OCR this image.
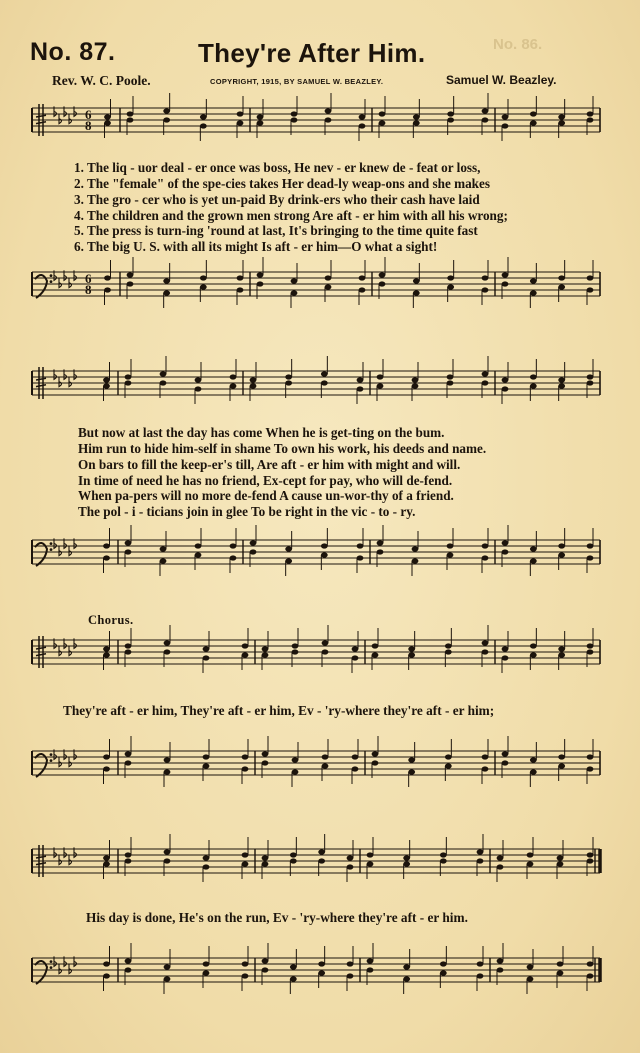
No. 87.	They're After Him.	No. 86.
Rev. W. C. Poole.	COPYRIGHT, 1915, BY SAMUEL W. BEAZLEY.	Samuel W. Beazley.
1. The liq - uor deal - er once was boss, He nev - er knew de - feat or loss,
2. The "female" of the spe-cies takes Her dead-ly weap-ons and she makes
3. The gro - cer who is yet un-paid By drink-ers who their cash have laid
4. The children and the grown men strong Are aft - er him with all his wrong;
5. The press is turn-ing 'round at last, It's bringing to the time quite fast
6. The big U. S. with all its might Is aft - er him—O what a sight!
But now at last the day has come When he is get-ting on the bum.
Him run to hide him-self in shame To own his work, his deeds and name.
On bars to fill the keep-er's till, Are aft - er him with might and will.
In time of need he has no friend, Ex-cept for pay, who will de-fend.
When pa-pers will no more de-fend A cause un-wor-thy of a friend.
The pol - i - ticians join in glee To be right in the vic - to - ry.
Chorus.
They're aft - er him, They're aft - er him, Ev - 'ry-where they're aft - er him;
His day is done, He's on the run, Ev - 'ry-where they're aft - er him.
6
6
8
8
